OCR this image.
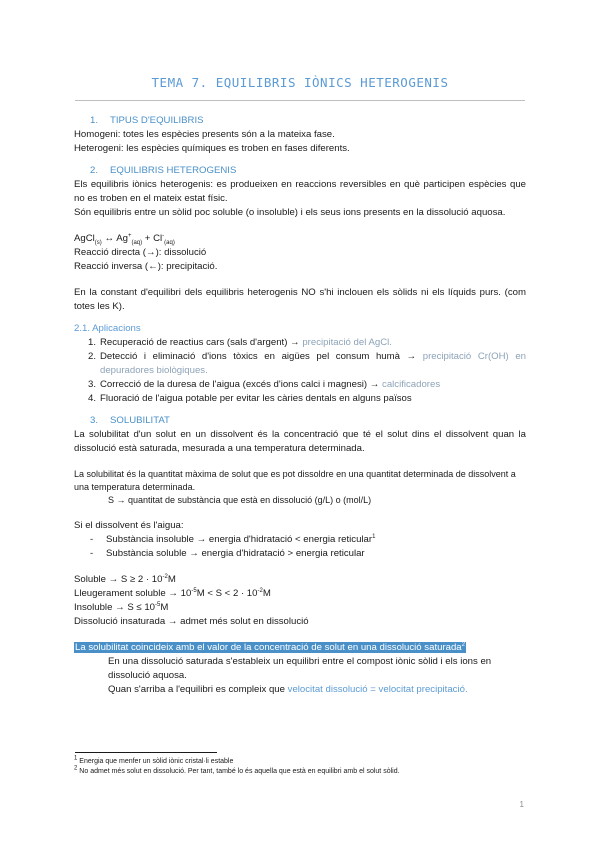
TEMA 7. EQUILIBRIS IÒNICS HETEROGENIS

1. TIPUS D'EQUILIBRIS

Homogeni: totes les espècies presents són a la mateixa fase.

Heterogeni: les espècies químiques es troben en fases diferents.

2. EQUILIBRIS HETEROGENIS

Els equilibris iònics heterogenis: es produeixen en reaccions reversibles en què participen espècies que no es troben en el mateix estat físic.

Són equilibris entre un sòlid poc soluble (o insoluble) i els seus ions presents en la dissolució aquosa.

AgCl$_{(s)}$ ↔ $Ag^+_{(aq)} + Cl^-_{(aq)}$

Reacció directa (→): dissolució

Reacció inversa (←): precipitació.

En la constant d'equilibri dels equilibris heterogenis NO s'hi inclouen els sòlids ni els líquids purs. (com totes les K).

2.1. Aplicacions

1. Recuperació de reactius cars (sals d'argent) → precipitació del AgCl.
2. Detecció i eliminació d'ions tòxics en aigües pel consum humà → precipitació Cr(OH) en depuradores biològiques.
3. Correcció de la duresa de l'aigua (excés d'ions calci i magnesi) → calcificadores
4. Fluoració de l'aigua potable per evitar les càries dentals en alguns països

3. SOLUBILITAT

La solubilitat d'un solut en un dissolvent és la concentració que té el solut dins el dissolvent quan la dissolució està saturada, mesurada a una temperatura determinada.

La solubilitat és la quantitat màxima de solut que es pot dissoldre en una quantitat determinada de dissolvent a una temperatura determinada.

S → quantitat de substància que està en dissolució (g/L) o (mol/L)

Si el dissolvent és l'aigua:

- Substància insoluble → energia d'hidratació < energia reticular$^1$

- Substància soluble → energia d'hidratació > energia reticular

Soluble → $S \ge 2 \cdot 10^{-2}M$

Lleugerament soluble → $10^{-5}M < S < 2 \cdot 10^{-2}M$

Insoluble → $S \le 10^{-5}M$

Dissolució insaturada → admet més solut en dissolució

La solubilitat coincideix amb el valor de la concentració de solut en una dissolució saturada$^2$

En una dissolució saturada s'estableix un equilibri entre el compost iònic sòlid i els ions en dissolució aquosa.

Quan s'arriba a l'equilibri es compleix que velocitat dissolució = velocitat precipitació.

$^1$ Energia que menfer un sòlid iònic cristal·li estable

$^2$ No admet més solut en dissolució. Per tant, també lo és aquella que està en equilibri amb el solut sòlid.

1
